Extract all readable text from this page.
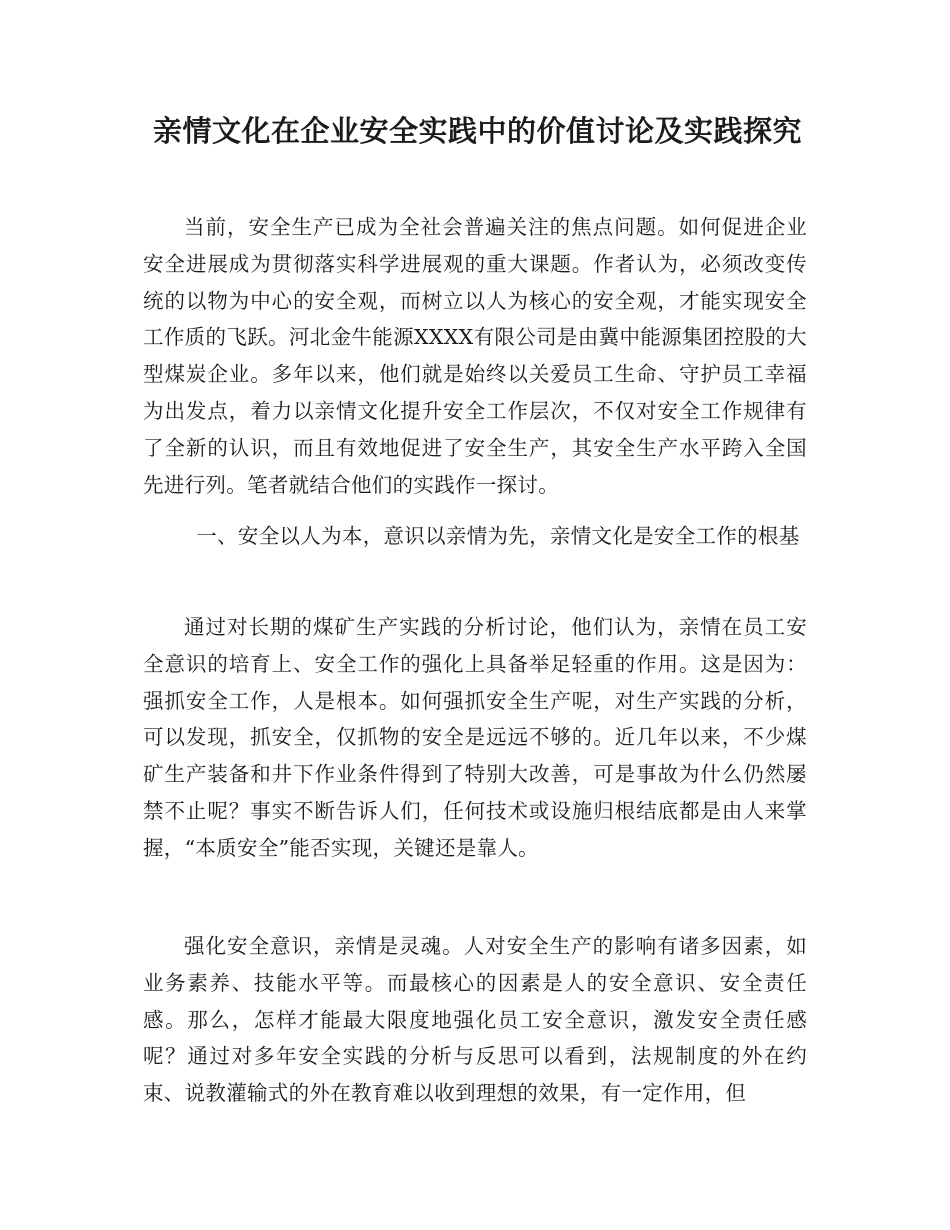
亲情文化在企业安全实践中的价值讨论及实践探究

当前，安全生产已成为全社会普遍关注的焦点问题。如何促进企业安全进展成为贯彻落实科学进展观的重大课题。作者认为，必须改变传统的以物为中心的安全观，而树立以人为核心的安全观，才能实现安全工作质的飞跃。河北金牛能源XXXX有限公司是由冀中能源集团控股的大型煤炭企业。多年以来，他们就是始终以关爱员工生命、守护员工幸福为出发点，着力以亲情文化提升安全工作层次，不仅对安全工作规律有了全新的认识，而且有效地促进了安全生产，其安全生产水平跨入全国先进行列。笔者就结合他们的实践作一探讨。

一、安全以人为本，意识以亲情为先，亲情文化是安全工作的根基

通过对长期的煤矿生产实践的分析讨论，他们认为，亲情在员工安全意识的培育上、安全工作的强化上具备举足轻重的作用。这是因为：强抓安全工作，人是根本。如何强抓安全生产呢，对生产实践的分析，可以发现，抓安全，仅抓物的安全是远远不够的。近几年以来，不少煤矿生产装备和井下作业条件得到了特别大改善，可是事故为什么仍然屡禁不止呢？事实不断告诉人们，任何技术或设施归根结底都是由人来掌握，“本质安全”能否实现，关键还是靠人。

强化安全意识，亲情是灵魂。人对安全生产的影响有诸多因素，如业务素养、技能水平等。而最核心的因素是人的安全意识、安全责任感。那么，怎样才能最大限度地强化员工安全意识，激发安全责任感呢？通过对多年安全实践的分析与反思可以看到，法规制度的外在约束、说教灌输式的外在教育难以收到理想的效果，有一定作用，但
